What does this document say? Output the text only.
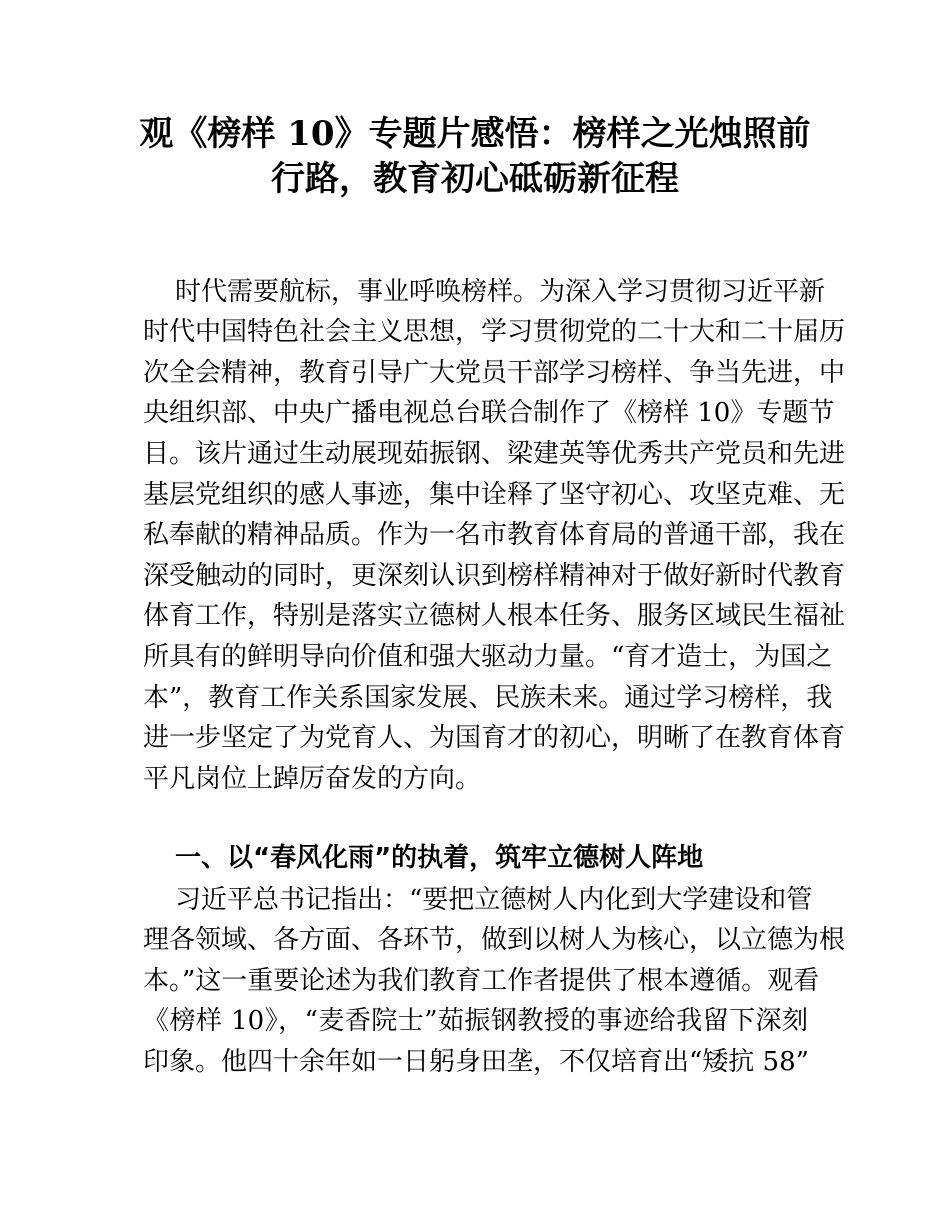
观《榜样 10》专题片感悟：榜样之光烛照前
行路，教育初心砥砺新征程
时代需要航标，事业呼唤榜样。为深入学习贯彻习近平新
时代中国特色社会主义思想，学习贯彻党的二十大和二十届历
次全会精神，教育引导广大党员干部学习榜样、争当先进，中
央组织部、中央广播电视总台联合制作了《榜样 10》专题节
目。该片通过生动展现茹振钢、梁建英等优秀共产党员和先进
基层党组织的感人事迹，集中诠释了坚守初心、攻坚克难、无
私奉献的精神品质。作为一名市教育体育局的普通干部，我在
深受触动的同时，更深刻认识到榜样精神对于做好新时代教育
体育工作，特别是落实立德树人根本任务、服务区域民生福祉
所具有的鲜明导向价值和强大驱动力量。“育才造士，为国之
本”，教育工作关系国家发展、民族未来。通过学习榜样，我
进一步坚定了为党育人、为国育才的初心，明晰了在教育体育
平凡岗位上踔厉奋发的方向。
一、以“春风化雨”的执着，筑牢立德树人阵地
习近平总书记指出：“要把立德树人内化到大学建设和管
理各领域、各方面、各环节，做到以树人为核心，以立德为根
本。”这一重要论述为我们教育工作者提供了根本遵循。观看
《榜样 10》，“麦香院士”茹振钢教授的事迹给我留下深刻
印象。他四十余年如一日躬身田垄，不仅培育出“矮抗 58”
